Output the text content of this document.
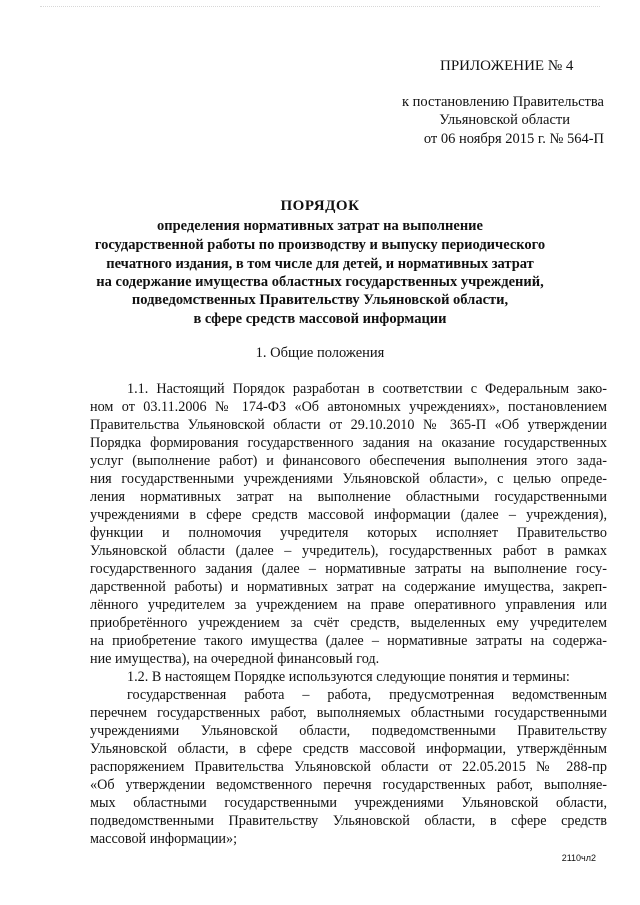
ПРИЛОЖЕНИЕ № 4
к постановлению Правительства
Ульяновской области
от 06 ноября 2015 г. № 564-П
ПОРЯДОК
определения нормативных затрат на выполнение
государственной работы по производству и выпуску периодического
печатного издания, в том числе для детей, и нормативных затрат
на содержание имущества областных государственных учреждений,
подведомственных Правительству Ульяновской области,
в сфере средств массовой информации
1. Общие положения
1.1. Настоящий Порядок разработан в соответствии с Федеральным зако-
ном от 03.11.2006 № 174-ФЗ «Об автономных учреждениях», постановлением
Правительства Ульяновской области от 29.10.2010 № 365-П «Об утверждении
Порядка формирования государственного задания на оказание государственных
услуг (выполнение работ) и финансового обеспечения выполнения этого зада-
ния государственными учреждениями Ульяновской области», с целью опреде-
ления нормативных затрат на выполнение областными государственными
учреждениями в сфере средств массовой информации (далее – учреждения),
функции и полномочия учредителя которых исполняет Правительство
Ульяновской области (далее – учредитель), государственных работ в рамках
государственного задания (далее – нормативные затраты на выполнение госу-
дарственной работы) и нормативных затрат на содержание имущества, закреп-
лённого учредителем за учреждением на праве оперативного управления или
приобретённого учреждением за счёт средств, выделенных ему учредителем
на приобретение такого имущества (далее – нормативные затраты на содержа-
ние имущества), на очередной финансовый год.
1.2. В настоящем Порядке используются следующие понятия и термины:
государственная работа – работа, предусмотренная ведомственным
перечнем государственных работ, выполняемых областными государственными
учреждениями Ульяновской области, подведомственными Правительству
Ульяновской области, в сфере средств массовой информации, утверждённым
распоряжением Правительства Ульяновской области от 22.05.2015 № 288-пр
«Об утверждении ведомственного перечня государственных работ, выполняе-
мых областными государственными учреждениями Ульяновской области,
подведомственными Правительству Ульяновской области, в сфере средств
массовой информации»;
2110чл2
